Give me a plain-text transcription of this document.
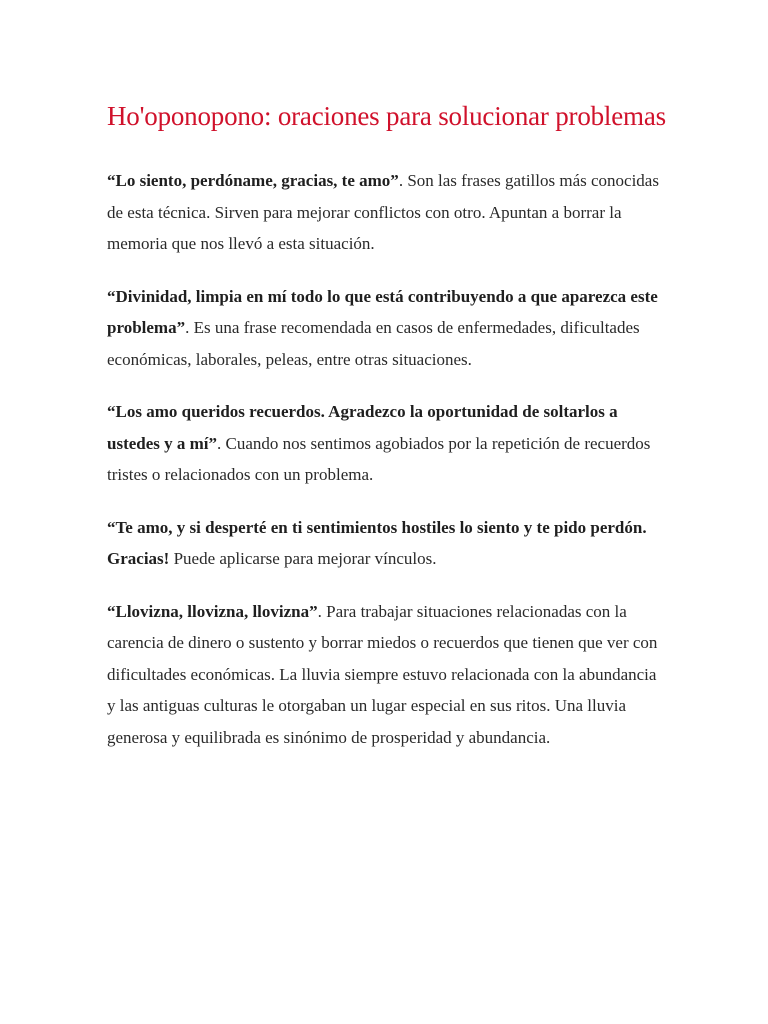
Ho'oponopono: oraciones para solucionar problemas

“Lo siento, perdóname, gracias, te amo”. Son las frases gatillos más conocidas de esta técnica. Sirven para mejorar conflictos con otro. Apuntan a borrar la memoria que nos llevó a esta situación.

“Divinidad, limpia en mí todo lo que está contribuyendo a que aparezca este problema”. Es una frase recomendada en casos de enfermedades, dificultades económicas, laborales, peleas, entre otras situaciones.

“Los amo queridos recuerdos. Agradezco la oportunidad de soltarlos a ustedes y a mí”. Cuando nos sentimos agobiados por la repetición de recuerdos tristes o relacionados con un problema.

“Te amo, y si desperté en ti sentimientos hostiles lo siento y te pido perdón. Gracias! Puede aplicarse para mejorar vínculos.

“Llovizna, llovizna, llovizna”. Para trabajar situaciones relacionadas con la carencia de dinero o sustento y borrar miedos o recuerdos que tienen que ver con dificultades económicas. La lluvia siempre estuvo relacionada con la abundancia y las antiguas culturas le otorgaban un lugar especial en sus ritos. Una lluvia generosa y equilibrada es sinónimo de prosperidad y abundancia.
